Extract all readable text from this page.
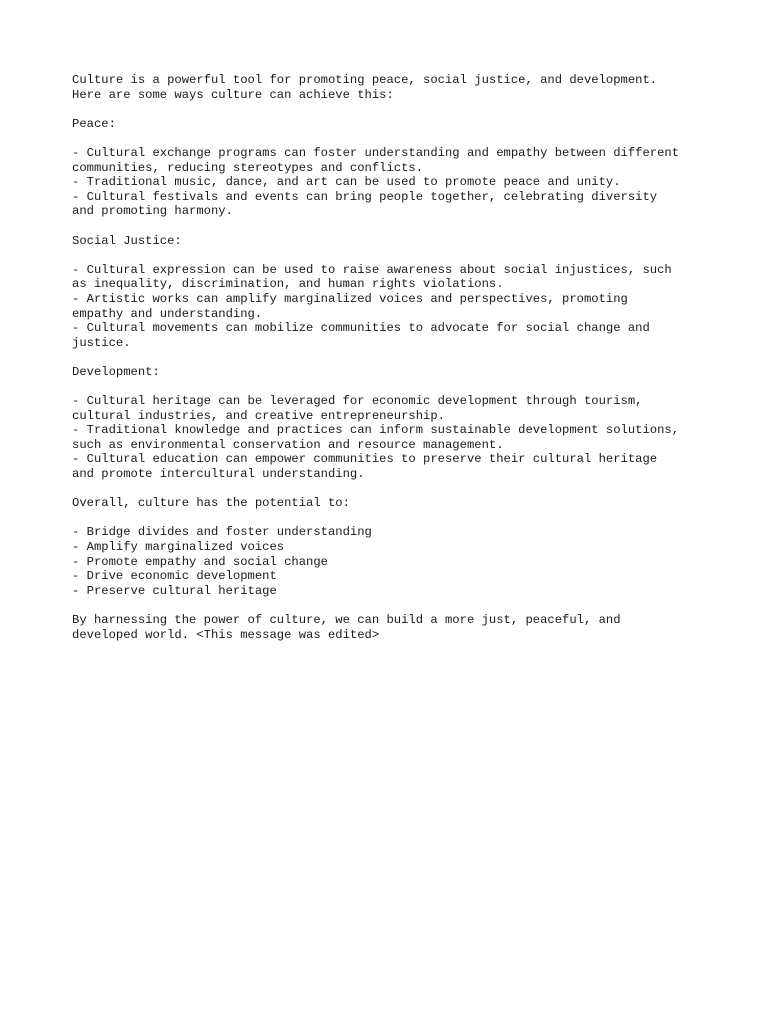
Culture is a powerful tool for promoting peace, social justice, and development.
Here are some ways culture can achieve this:
Peace:
- Cultural exchange programs can foster understanding and empathy between different
communities, reducing stereotypes and conflicts.
- Traditional music, dance, and art can be used to promote peace and unity.
- Cultural festivals and events can bring people together, celebrating diversity
and promoting harmony.
Social Justice:
- Cultural expression can be used to raise awareness about social injustices, such
as inequality, discrimination, and human rights violations.
- Artistic works can amplify marginalized voices and perspectives, promoting
empathy and understanding.
- Cultural movements can mobilize communities to advocate for social change and
justice.
Development:
- Cultural heritage can be leveraged for economic development through tourism,
cultural industries, and creative entrepreneurship.
- Traditional knowledge and practices can inform sustainable development solutions,
such as environmental conservation and resource management.
- Cultural education can empower communities to preserve their cultural heritage
and promote intercultural understanding.
Overall, culture has the potential to:
- Bridge divides and foster understanding
- Amplify marginalized voices
- Promote empathy and social change
- Drive economic development
- Preserve cultural heritage
By harnessing the power of culture, we can build a more just, peaceful, and
developed world. <This message was edited>
